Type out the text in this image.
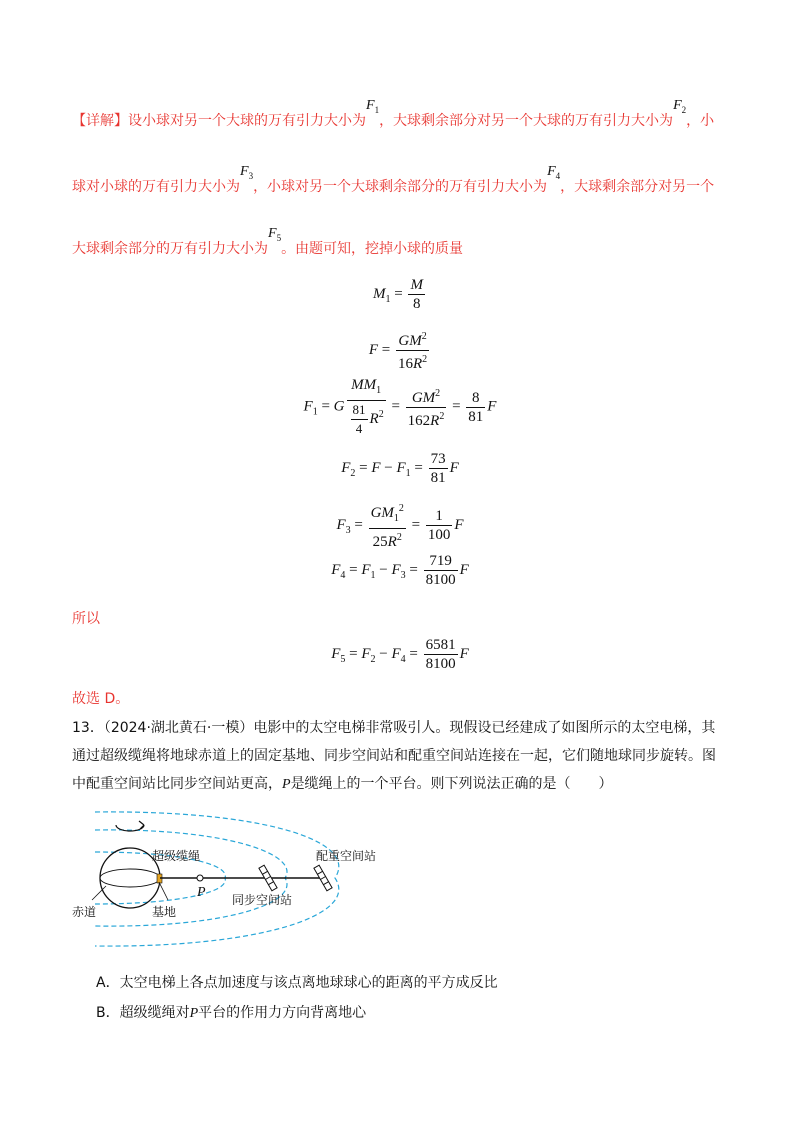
【详解】设小球对另一个大球的万有引力大小为$F_1$，大球剩余部分对另一个大球的万有引力大小为$F_2$，小
球对小球的万有引力大小为$F_3$，小球对另一个大球剩余部分的万有引力大小为$F_4$，大球剩余部分对另一个
大球剩余部分的万有引力大小为$F_5$。由题可知，挖掉小球的质量
$M_1 = \frac{M}{8}$
$F = \frac{GM^2}{16R^2}$
$F_1 = G \frac{MM_1}{\frac{81}{4} R^2} = \frac{GM^2}{162R^2} = \frac{8}{81}$ F
$F_2 = F - F_1 = \frac{73}{81}$ F
$F_3 = \frac{GM_1^2}{25R^2} = \frac{1}{100}$ F
$F_4 = F_1 - F_3 = \frac{719}{8100}$ F
所以
$F_5 = F_2 - F_4 = \frac{6581}{8100}$ F
故选 D。
13．（2024·湖北黄石·一模）电影中的太空电梯非常吸引人。现假设已经建成了如图所示的太空电梯，其
通过超级缆绳将地球赤道上的固定基地、同步空间站和配重空间站连接在一起，它们随地球同步旋转。图
中配重空间站比同步空间站更高，P是缆绳上的一个平台。则下列说法正确的是（　　）
超级缆绳	配重空间站
P 同步空间站
赤道	基地
A．太空电梯上各点加速度与该点离地球球心的距离的平方成反比
B．超级缆绳对P平台的作用力方向背离地心
